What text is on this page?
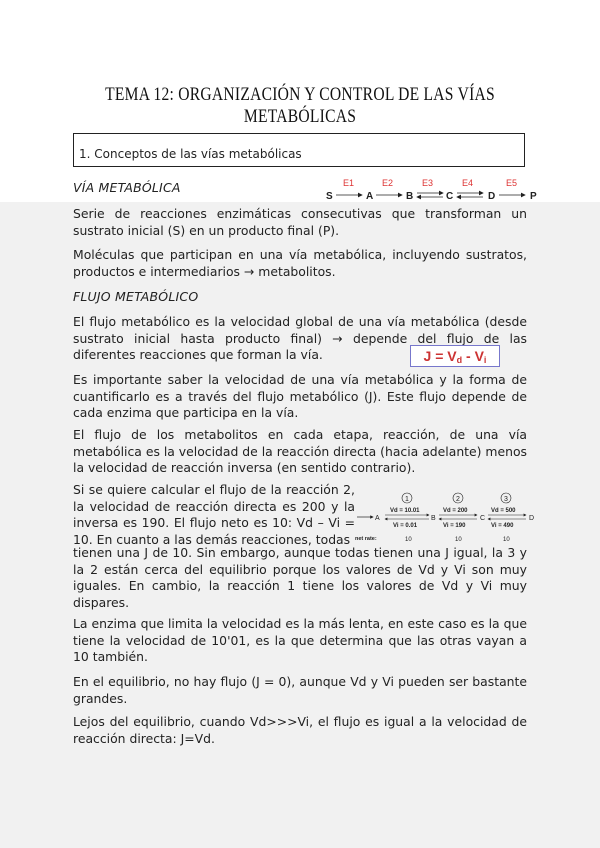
TEMA 12: ORGANIZACIÓN Y CONTROL DE LAS VÍAS METABÓLICAS
1. Conceptos de las vías metabólicas
VÍA METABÓLICA
S
E1
A
E2
B
E3
C
E4
D
E5
P

Serie de reacciones enzimáticas consecutivas que transforman un sustrato inicial (S) en un producto final (P).

Moléculas que participan en una vía metabólica, incluyendo sustratos, productos e intermediarios → metabolitos.

FLUJO METABÓLICO

El flujo metabólico es la velocidad global de una vía metabólica (desde sustrato inicial hasta producto final) → depende del flujo de las diferentes reacciones que forman la vía.	$J = V_d - V_i$

Es importante saber la velocidad de una vía metabólica y la forma de cuantificarlo es a través del flujo metabólico (J). Este flujo depende de cada enzima que participa en la vía.

El flujo de los metabolitos en cada etapa, reacción, de una vía metabólica es la velocidad de la reacción directa (hacia adelante) menos la velocidad de reacción inversa (en sentido contrario).

Si se quiere calcular el flujo de la reacción 2, la velocidad de reacción directa es 200 y la inversa es 190. El flujo neto es 10: Vd – Vi = 10. En cuanto a las demás reacciones, todas

A
1
Vd = 10.01
Vi = 0.01
B
2
Vd = 200
Vi = 190
C
3
Vd = 500
Vi = 490
D
net rate:	10	10	10

tienen una J de 10. Sin embargo, aunque todas tienen una J igual, la 3 y la 2 están cerca del equilibrio porque los valores de Vd y Vi son muy iguales. En cambio, la reacción 1 tiene los valores de Vd y Vi muy dispares.

La enzima que limita la velocidad es la más lenta, en este caso es la que tiene la velocidad de 10'01, es la que determina que las otras vayan a 10 también.

En el equilibrio, no hay flujo (J = 0), aunque Vd y Vi pueden ser bastante grandes.

Lejos del equilibrio, cuando Vd>>>Vi, el flujo es igual a la velocidad de reacción directa: J=Vd.
